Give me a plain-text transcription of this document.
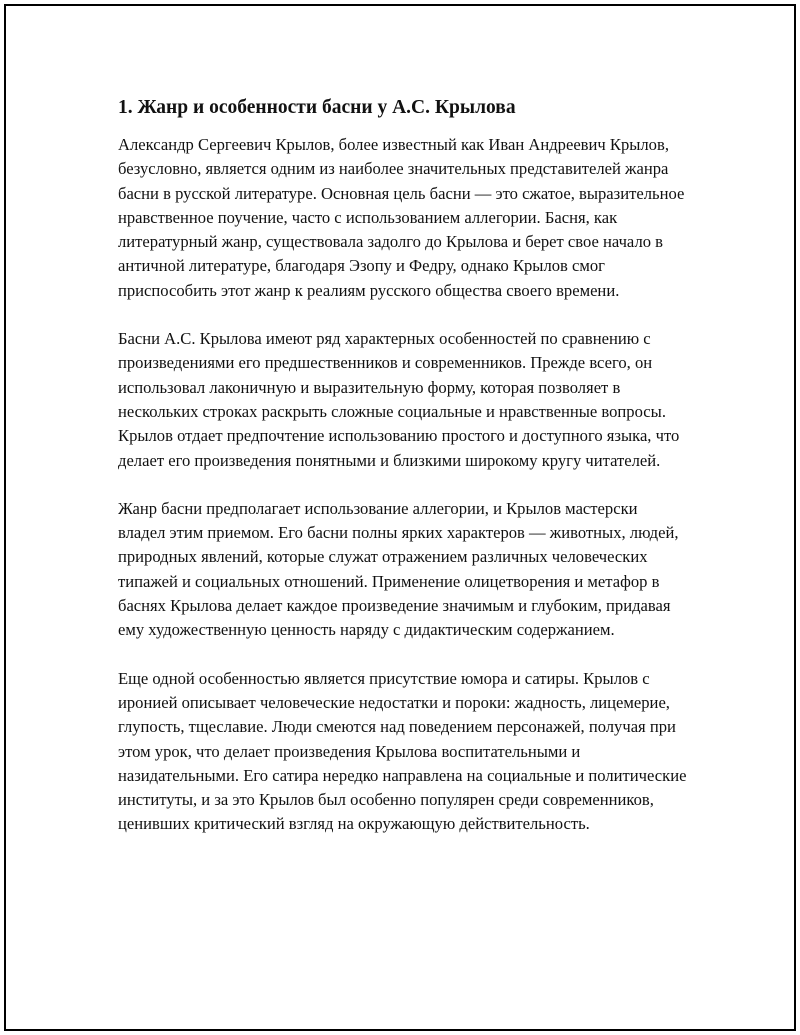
1. Жанр и особенности басни у А.С. Крылова

Александр Сергеевич Крылов, более известный как Иван Андреевич Крылов, безусловно, является одним из наиболее значительных представителей жанра басни в русской литературе. Основная цель басни — это сжатое, выразительное нравственное поучение, часто с использованием аллегории. Басня, как литературный жанр, существовала задолго до Крылова и берет свое начало в античной литературе, благодаря Эзопу и Федру, однако Крылов смог приспособить этот жанр к реалиям русского общества своего времени.

Басни А.С. Крылова имеют ряд характерных особенностей по сравнению с произведениями его предшественников и современников. Прежде всего, он использовал лаконичную и выразительную форму, которая позволяет в нескольких строках раскрыть сложные социальные и нравственные вопросы. Крылов отдает предпочтение использованию простого и доступного языка, что делает его произведения понятными и близкими широкому кругу читателей.

Жанр басни предполагает использование аллегории, и Крылов мастерски владел этим приемом. Его басни полны ярких характеров — животных, людей, природных явлений, которые служат отражением различных человеческих типажей и социальных отношений. Применение олицетворения и метафор в баснях Крылова делает каждое произведение значимым и глубоким, придавая ему художественную ценность наряду с дидактическим содержанием.

Еще одной особенностью является присутствие юмора и сатиры. Крылов с иронией описывает человеческие недостатки и пороки: жадность, лицемерие, глупость, тщеславие. Люди смеются над поведением персонажей, получая при этом урок, что делает произведения Крылова воспитательными и назидательными. Его сатира нередко направлена на социальные и политические институты, и за это Крылов был особенно популярен среди современников, ценивших критический взгляд на окружающую действительность.
